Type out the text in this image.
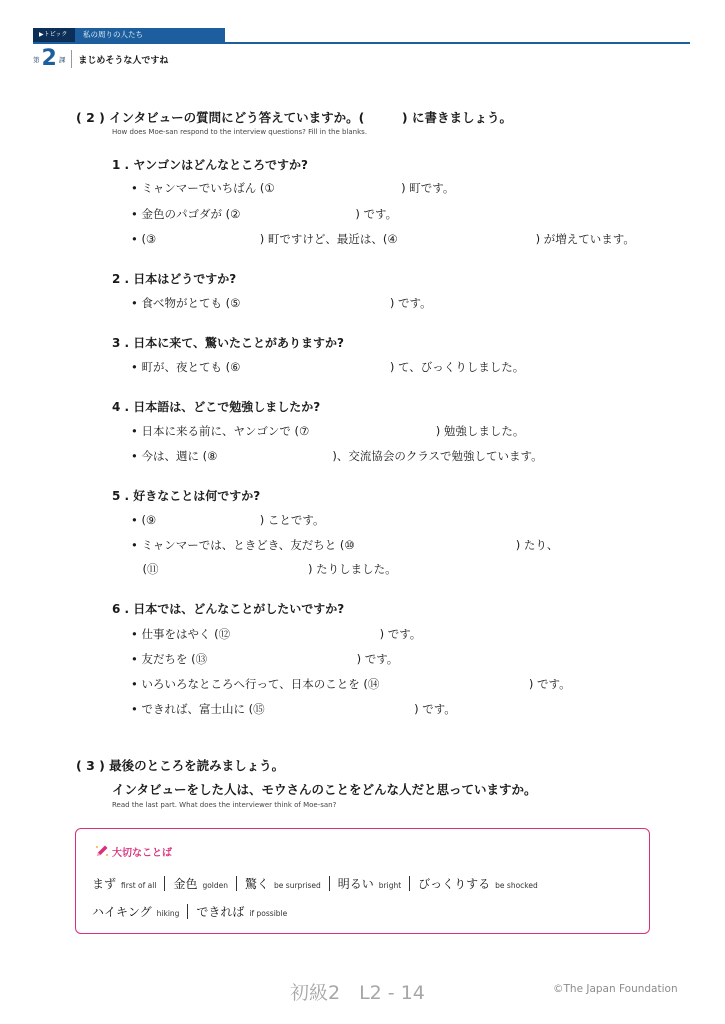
▶トピック	私の周りの人たち
第 2 課 まじめそうな人ですね
( 2 ) インタビューの質問にどう答えていますか。(　　　) に書きましょう。
How does Moe-san respond to the interview questions? Fill in the blanks.
1 . ヤンゴンはどんなところですか?
• ミャンマーでいちばん (①　　　　　　　　　　　) 町です。
• 金色のパゴダが (②　　　　　　　　　　) です。
• (③　　　　　　　　　) 町ですけど、最近は、(④　　　　　　　　　　　　) が増えています。
2 . 日本はどうですか?
• 食べ物がとても (⑤　　　　　　　　　　　　　) です。
3 . 日本に来て、驚いたことがありますか?
• 町が、夜とても (⑥　　　　　　　　　　　　　) て、びっくりしました。
4 . 日本語は、どこで勉強しましたか?
• 日本に来る前に、ヤンゴンで (⑦　　　　　　　　　　　) 勉強しました。
• 今は、週に (⑧　　　　　　　　　　)、交流協会のクラスで勉強しています。
5 . 好きなことは何ですか?
• (⑨　　　　　　　　　) ことです。
• ミャンマーでは、ときどき、友だちと (⑩　　　　　　　　　　　　　　) たり、
　(⑪　　　　　　　　　　　　　) たりしました。
6 . 日本では、どんなことがしたいですか?
• 仕事をはやく (⑫　　　　　　　　　　　　　) です。
• 友だちを (⑬　　　　　　　　　　　　　) です。
• いろいろなところへ行って、日本のことを (⑭　　　　　　　　　　　　　) です。
• できれば、富士山に (⑮　　　　　　　　　　　　　) です。
( 3 ) 最後のところを読みましょう。
インタビューをした人は、モウさんのことをどんな人だと思っていますか。
Read the last part. What does the interviewer think of Moe-san?
大切なことば
まず first of all 金色 golden 驚く be surprised 明るい bright びっくりする be shocked
ハイキング hiking できれば if possible
初級2　L2 - 14	©The Japan Foundation
